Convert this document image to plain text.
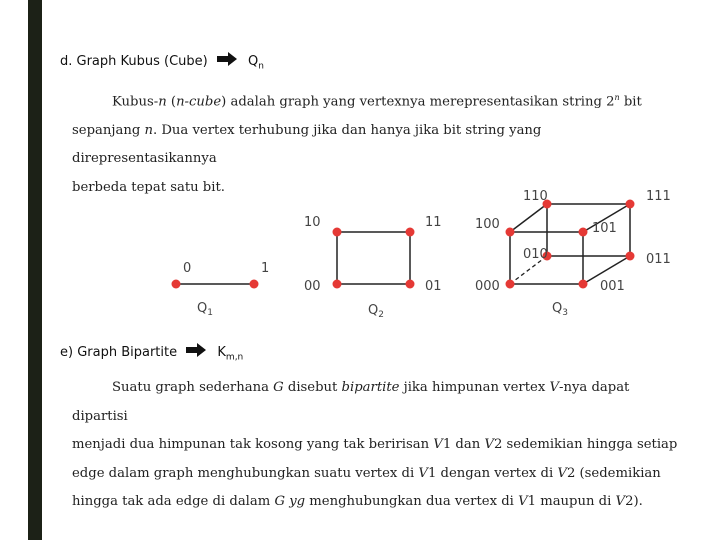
d. Graph Kubus (Cube)	$Q_n$
Kubus-n (n-cube) adalah graph yang vertexnya merepresentasikan string 2$^n$ bit
sepanjang n. Dua vertex terhubung jika dan hanya jika bit string yang direpresentasikannya
berbeda tepat satu bit.
0	1
$Q_1$
10	11
00	01
$Q_2$
110	111
100	101
010	011
000	001
$Q_3$
e) Graph Bipartite	$K_{m,n}$
Suatu graph sederhana G disebut bipartite jika himpunan vertex V-nya dapat dipartisi
menjadi dua himpunan tak kosong yang tak beririsan V1 dan V2 sedemikian hingga setiap
edge dalam graph menghubungkan suatu vertex di V1 dengan vertex di V2 (sedemikian
hingga tak ada edge di dalam G yg menghubungkan dua vertex di V1 maupun di V2).
